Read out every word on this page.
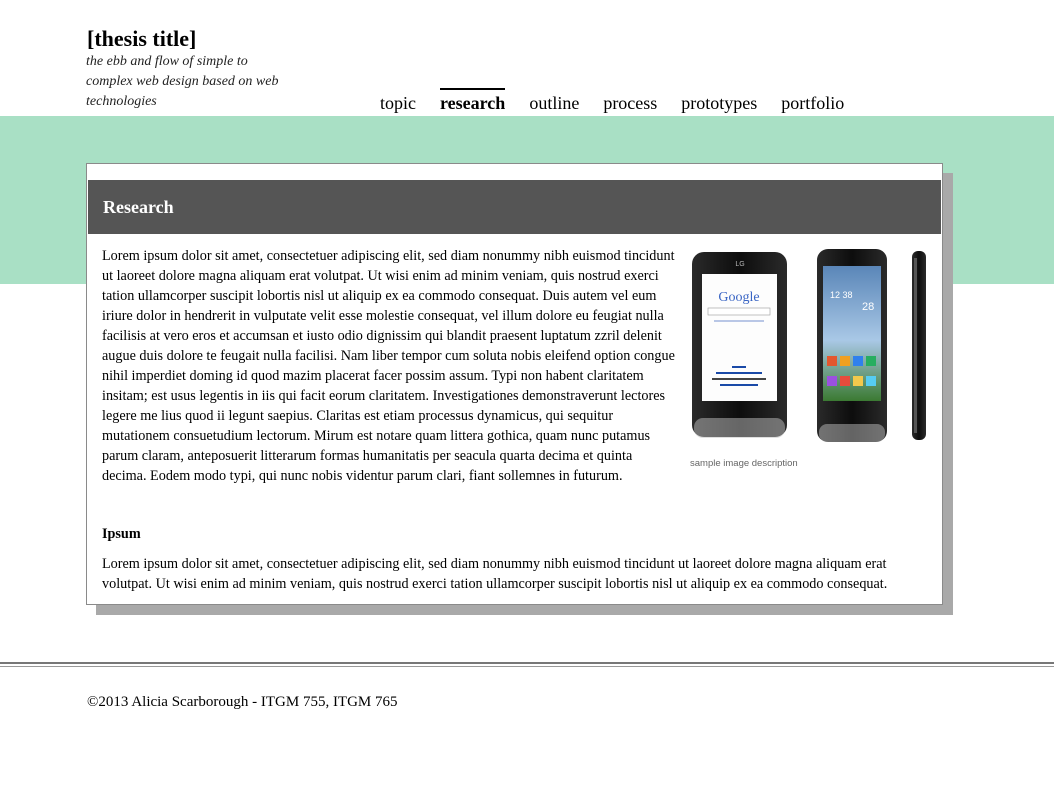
[thesis title]
the ebb and flow of simple to complex web design based on web technologies	topic research outline process prototypes portfolio
Research

Lorem ipsum dolor sit amet, consectetuer adipiscing elit, sed diam nonummy nibh euismod tincidunt ut laoreet dolore magna aliquam erat volutpat. Ut wisi enim ad minim veniam, quis nostrud exerci tation ullamcorper suscipit lobortis nisl ut aliquip ex ea commodo consequat. Duis autem vel eum iriure dolor in hendrerit in vulputate velit esse molestie consequat, vel illum dolore eu feugiat nulla facilisis at vero eros et accumsan et iusto odio dignissim qui blandit praesent luptatum zzril delenit augue duis dolore te feugait nulla facilisi. Nam liber tempor cum soluta nobis eleifend option congue nihil imperdiet doming id quod mazim placerat facer possim assum. Typi non habent claritatem insitam; est usus legentis in iis qui facit eorum claritatem. Investigationes demonstraverunt lectores legere me lius quod ii legunt saepius. Claritas est etiam processus dynamicus, qui sequitur mutationem consuetudium lectorum. Mirum est notare quam littera gothica, quam nunc putamus parum claram, anteposuerit litterarum formas humanitatis per seacula quarta decima et quinta decima. Eodem modo typi, qui nunc nobis videntur parum clari, fiant sollemnes in futurum.

LG
Google	12 38
28
sample image description
Ipsum

Lorem ipsum dolor sit amet, consectetuer adipiscing elit, sed diam nonummy nibh euismod tincidunt ut laoreet dolore magna aliquam erat volutpat. Ut wisi enim ad minim veniam, quis nostrud exerci tation ullamcorper suscipit lobortis nisl ut aliquip ex ea commodo consequat.

©2013 Alicia Scarborough - ITGM 755, ITGM 765
